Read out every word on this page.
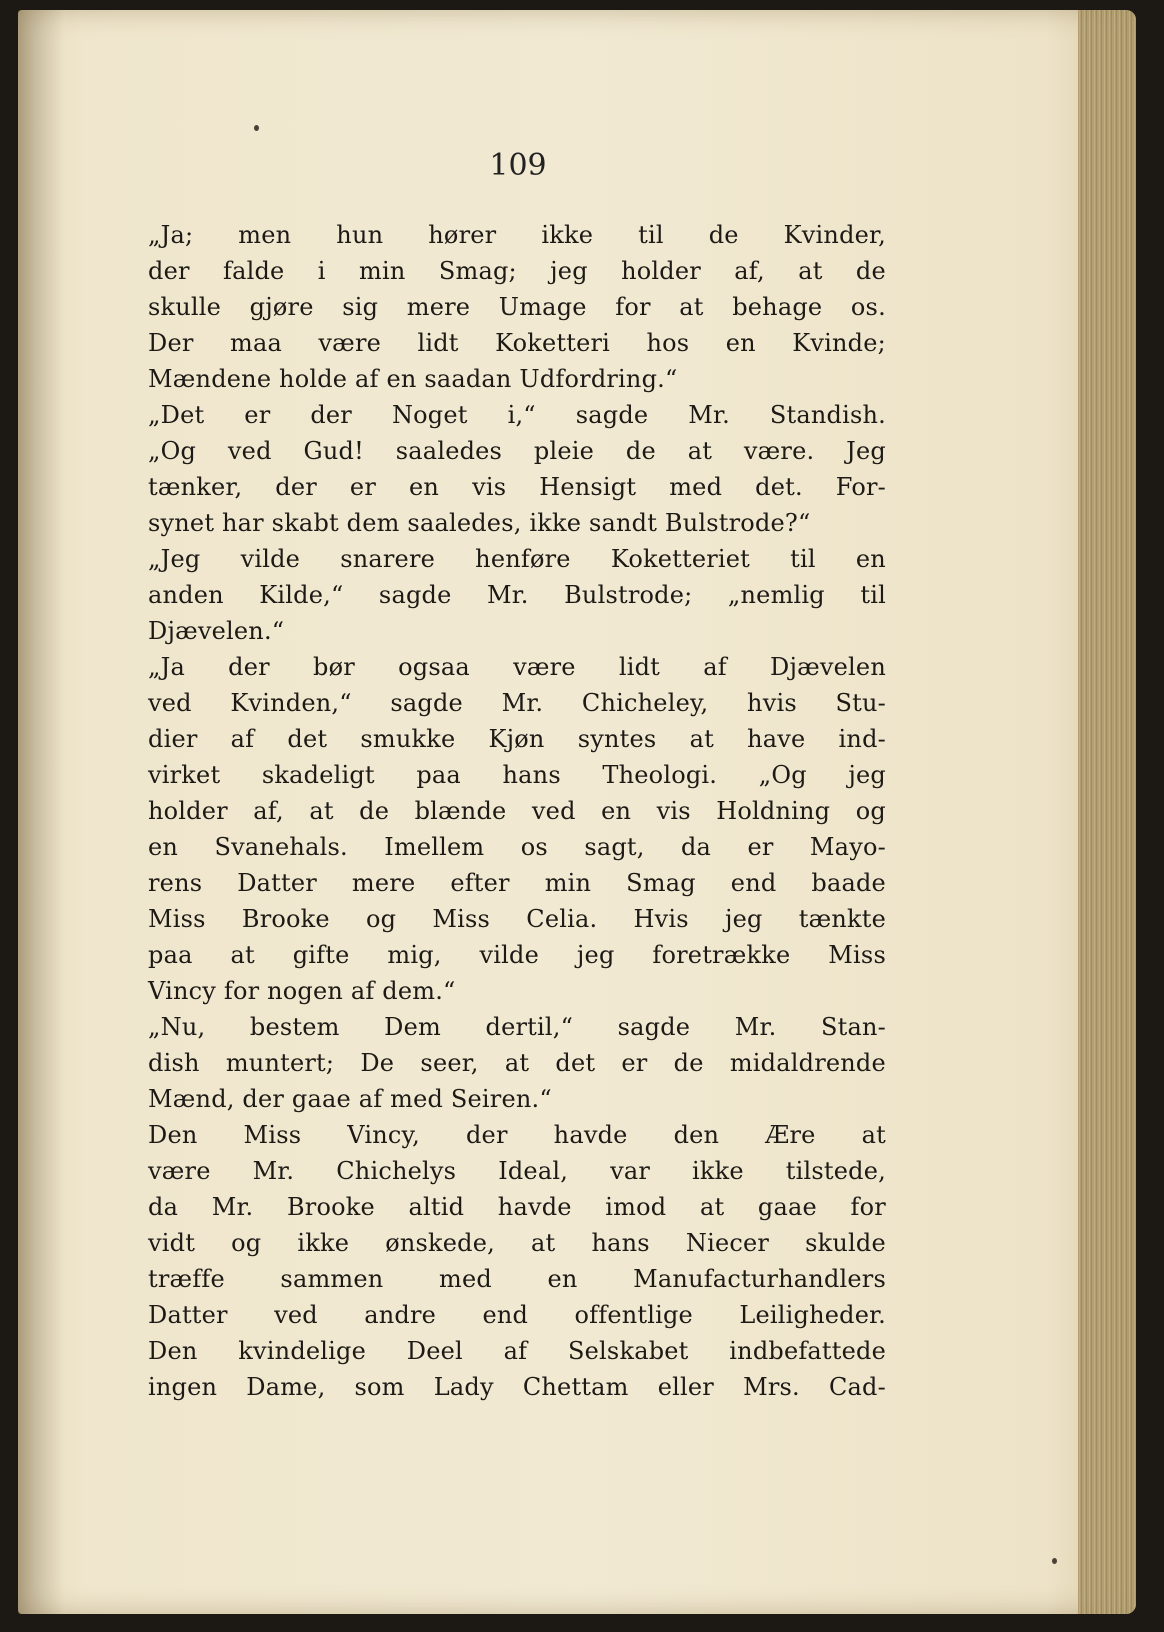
109
„Ja; men hun hører ikke til de Kvinder,
der falde i min Smag; jeg holder af, at de
skulle gjøre sig mere Umage for at behage os.
Der maa være lidt Koketteri hos en Kvinde;
Mændene holde af en saadan Udfordring.“
„Det er der Noget i,“ sagde Mr. Standish.
„Og ved Gud! saaledes pleie de at være. Jeg
tænker, der er en vis Hensigt med det. For-
synet har skabt dem saaledes, ikke sandt Bulstrode?“
„Jeg vilde snarere henføre Koketteriet til en
anden Kilde,“ sagde Mr. Bulstrode; „nemlig til
Djævelen.“
„Ja der bør ogsaa være lidt af Djævelen
ved Kvinden,“ sagde Mr. Chicheley, hvis Stu-
dier af det smukke Kjøn syntes at have ind-
virket skadeligt paa hans Theologi. „Og jeg
holder af, at de blænde ved en vis Holdning og
en Svanehals. Imellem os sagt, da er Mayo-
rens Datter mere efter min Smag end baade
Miss Brooke og Miss Celia. Hvis jeg tænkte
paa at gifte mig, vilde jeg foretrække Miss
Vincy for nogen af dem.“
„Nu, bestem Dem dertil,“ sagde Mr. Stan-
dish muntert; De seer, at det er de midaldrende
Mænd, der gaae af med Seiren.“
Den Miss Vincy, der havde den Ære at
være Mr. Chichelys Ideal, var ikke tilstede,
da Mr. Brooke altid havde imod at gaae for
vidt og ikke ønskede, at hans Niecer skulde
træffe sammen med en Manufacturhandlers
Datter ved andre end offentlige Leiligheder.
Den kvindelige Deel af Selskabet indbefattede
ingen Dame, som Lady Chettam eller Mrs. Cad-
